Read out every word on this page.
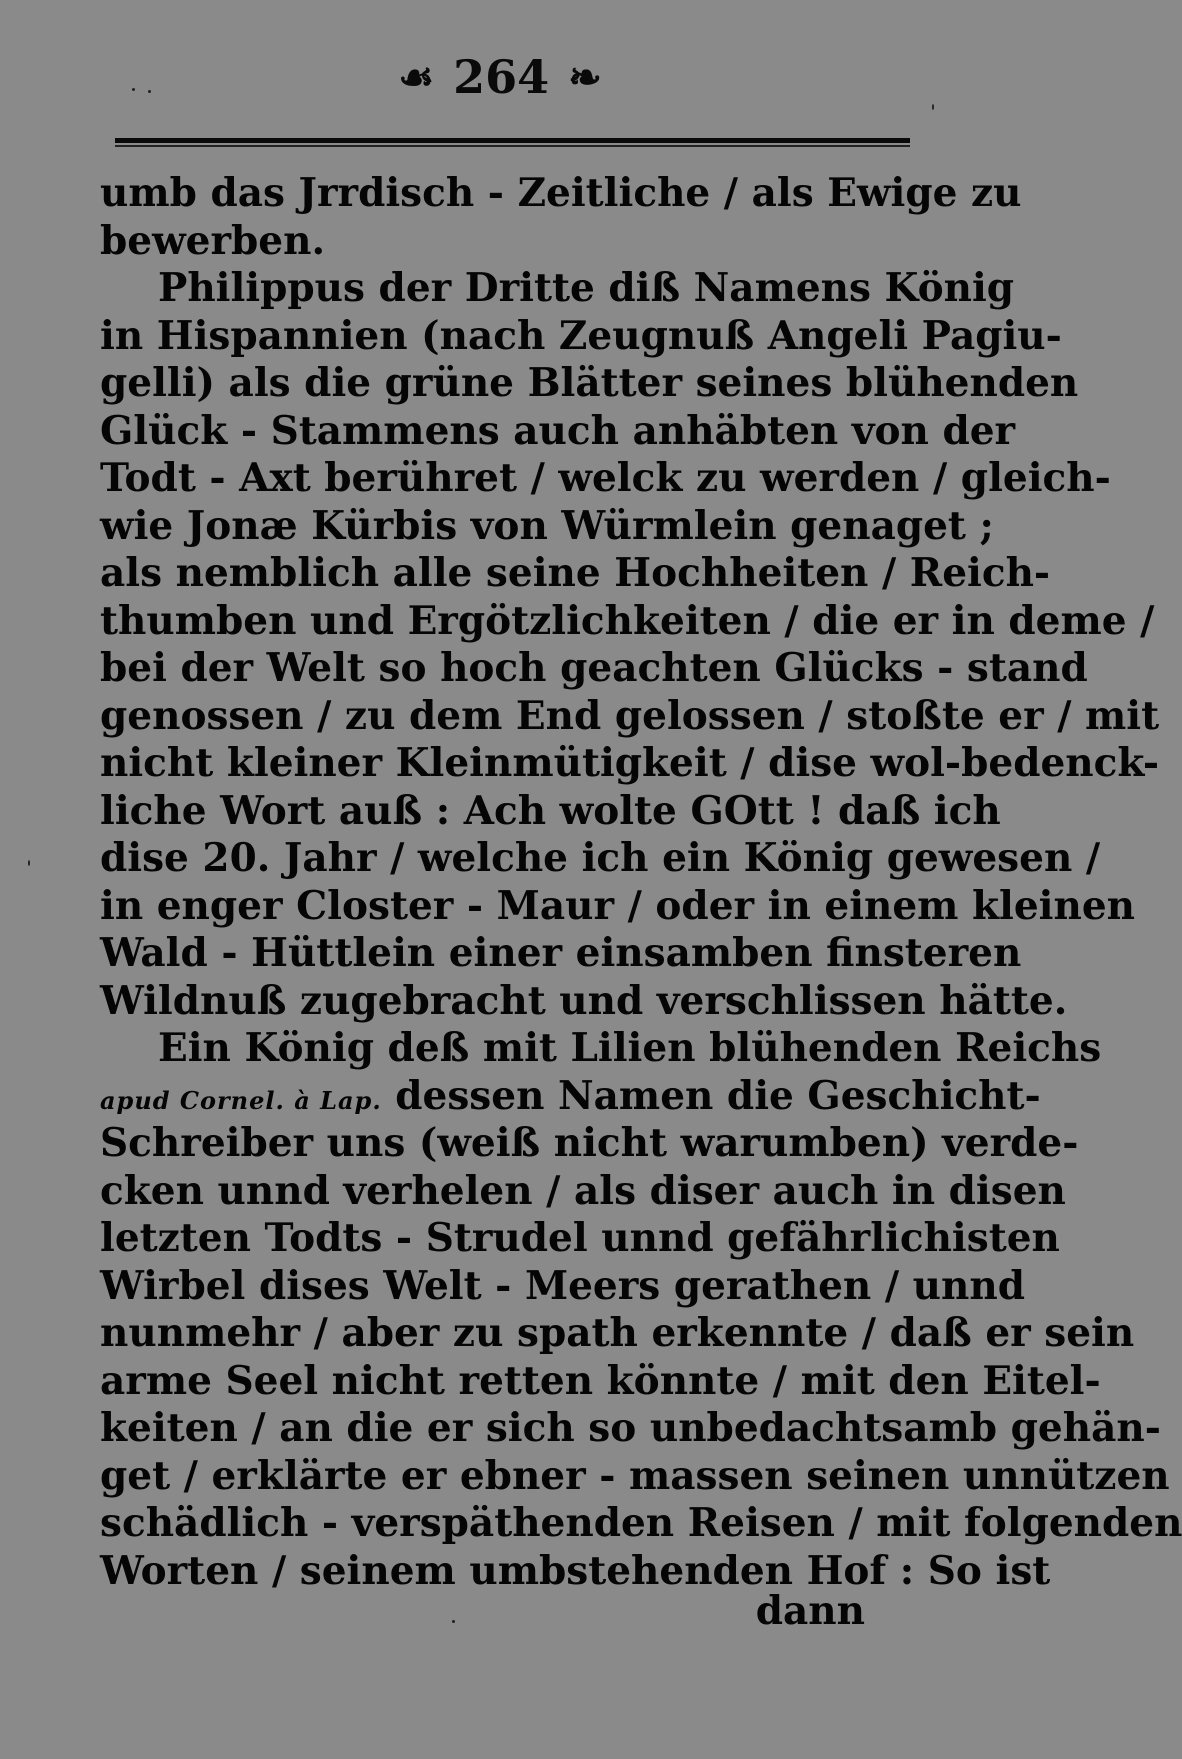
☙ 264 ❧
umb das Jrrdisch - Zeitliche / als Ewige zu
bewerben.
Philippus der Dritte diß Namens König
in Hispannien (nach Zeugnuß Angeli Pagiu-
gelli) als die grüne Blätter seines blühenden
Glück - Stammens auch anhäbten von der
Todt - Axt berühret / welck zu werden / gleich-
wie Jonæ Kürbis von Würmlein genaget ;
als nemblich alle seine Hochheiten / Reich-
thumben und Ergötzlichkeiten / die er in deme /
bei der Welt so hoch geachten Glücks - stand
genossen / zu dem End gelossen / stoßte er / mit
nicht kleiner Kleinmütigkeit / dise wol-bedenck-
liche Wort auß : Ach wolte GOtt ! daß ich
dise 20. Jahr / welche ich ein König gewesen /
in enger Closter - Maur / oder in einem kleinen
Wald - Hüttlein einer einsamben finsteren
Wildnuß zugebracht und verschlissen hätte.
Ein König deß mit Lilien blühenden Reichs
apud Cornel. à Lap. dessen Namen die Geschicht-
Schreiber uns (weiß nicht warumben) verde-
cken unnd verhelen / als diser auch in disen
letzten Todts - Strudel unnd gefährlichisten
Wirbel dises Welt - Meers gerathen / unnd
nunmehr / aber zu spath erkennte / daß er sein
arme Seel nicht retten könnte / mit den Eitel-
keiten / an die er sich so unbedachtsamb gehän-
get / erklärte er ebner - massen seinen unnützen
schädlich - verspäthenden Reisen / mit folgenden
Worten / seinem umbstehenden Hof : So ist
dann
